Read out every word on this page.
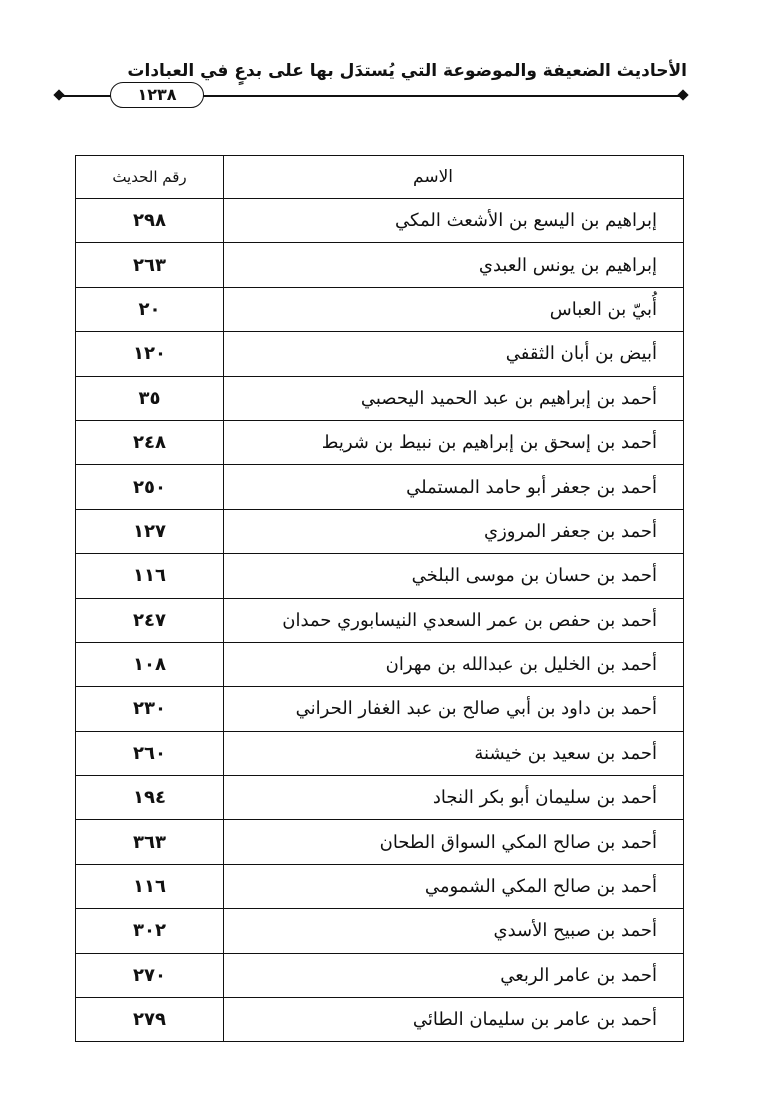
الأحاديث الضعيفة والموضوعة التي يُستدَل بها على بدعٍ في العبادات
١٢٣٨
الاسم	رقم الحديث
إبراهيم بن اليسع بن الأشعث المكي	٢٩٨
إبراهيم بن يونس العبدي	٢٦٣
أُبيّ بن العباس	٢٠
أبيض بن أبان الثقفي	١٢٠
أحمد بن إبراهيم بن عبد الحميد اليحصبي	٣٥
أحمد بن إسحق بن إبراهيم بن نبيط بن شريط	٢٤٨
أحمد بن جعفر أبو حامد المستملي	٢٥٠
أحمد بن جعفر المروزي	١٢٧
أحمد بن حسان بن موسى البلخي	١١٦
أحمد بن حفص بن عمر السعدي النيسابوري حمدان	٢٤٧
أحمد بن الخليل بن عبدالله بن مهران	١٠٨
أحمد بن داود بن أبي صالح بن عبد الغفار الحراني	٢٣٠
أحمد بن سعيد بن خيشنة	٢٦٠
أحمد بن سليمان أبو بكر النجاد	١٩٤
أحمد بن صالح المكي السواق الطحان	٣٦٣
أحمد بن صالح المكي الشمومي	١١٦
أحمد بن صبيح الأسدي	٣٠٢
أحمد بن عامر الربعي	٢٧٠
أحمد بن عامر بن سليمان الطائي	٢٧٩
